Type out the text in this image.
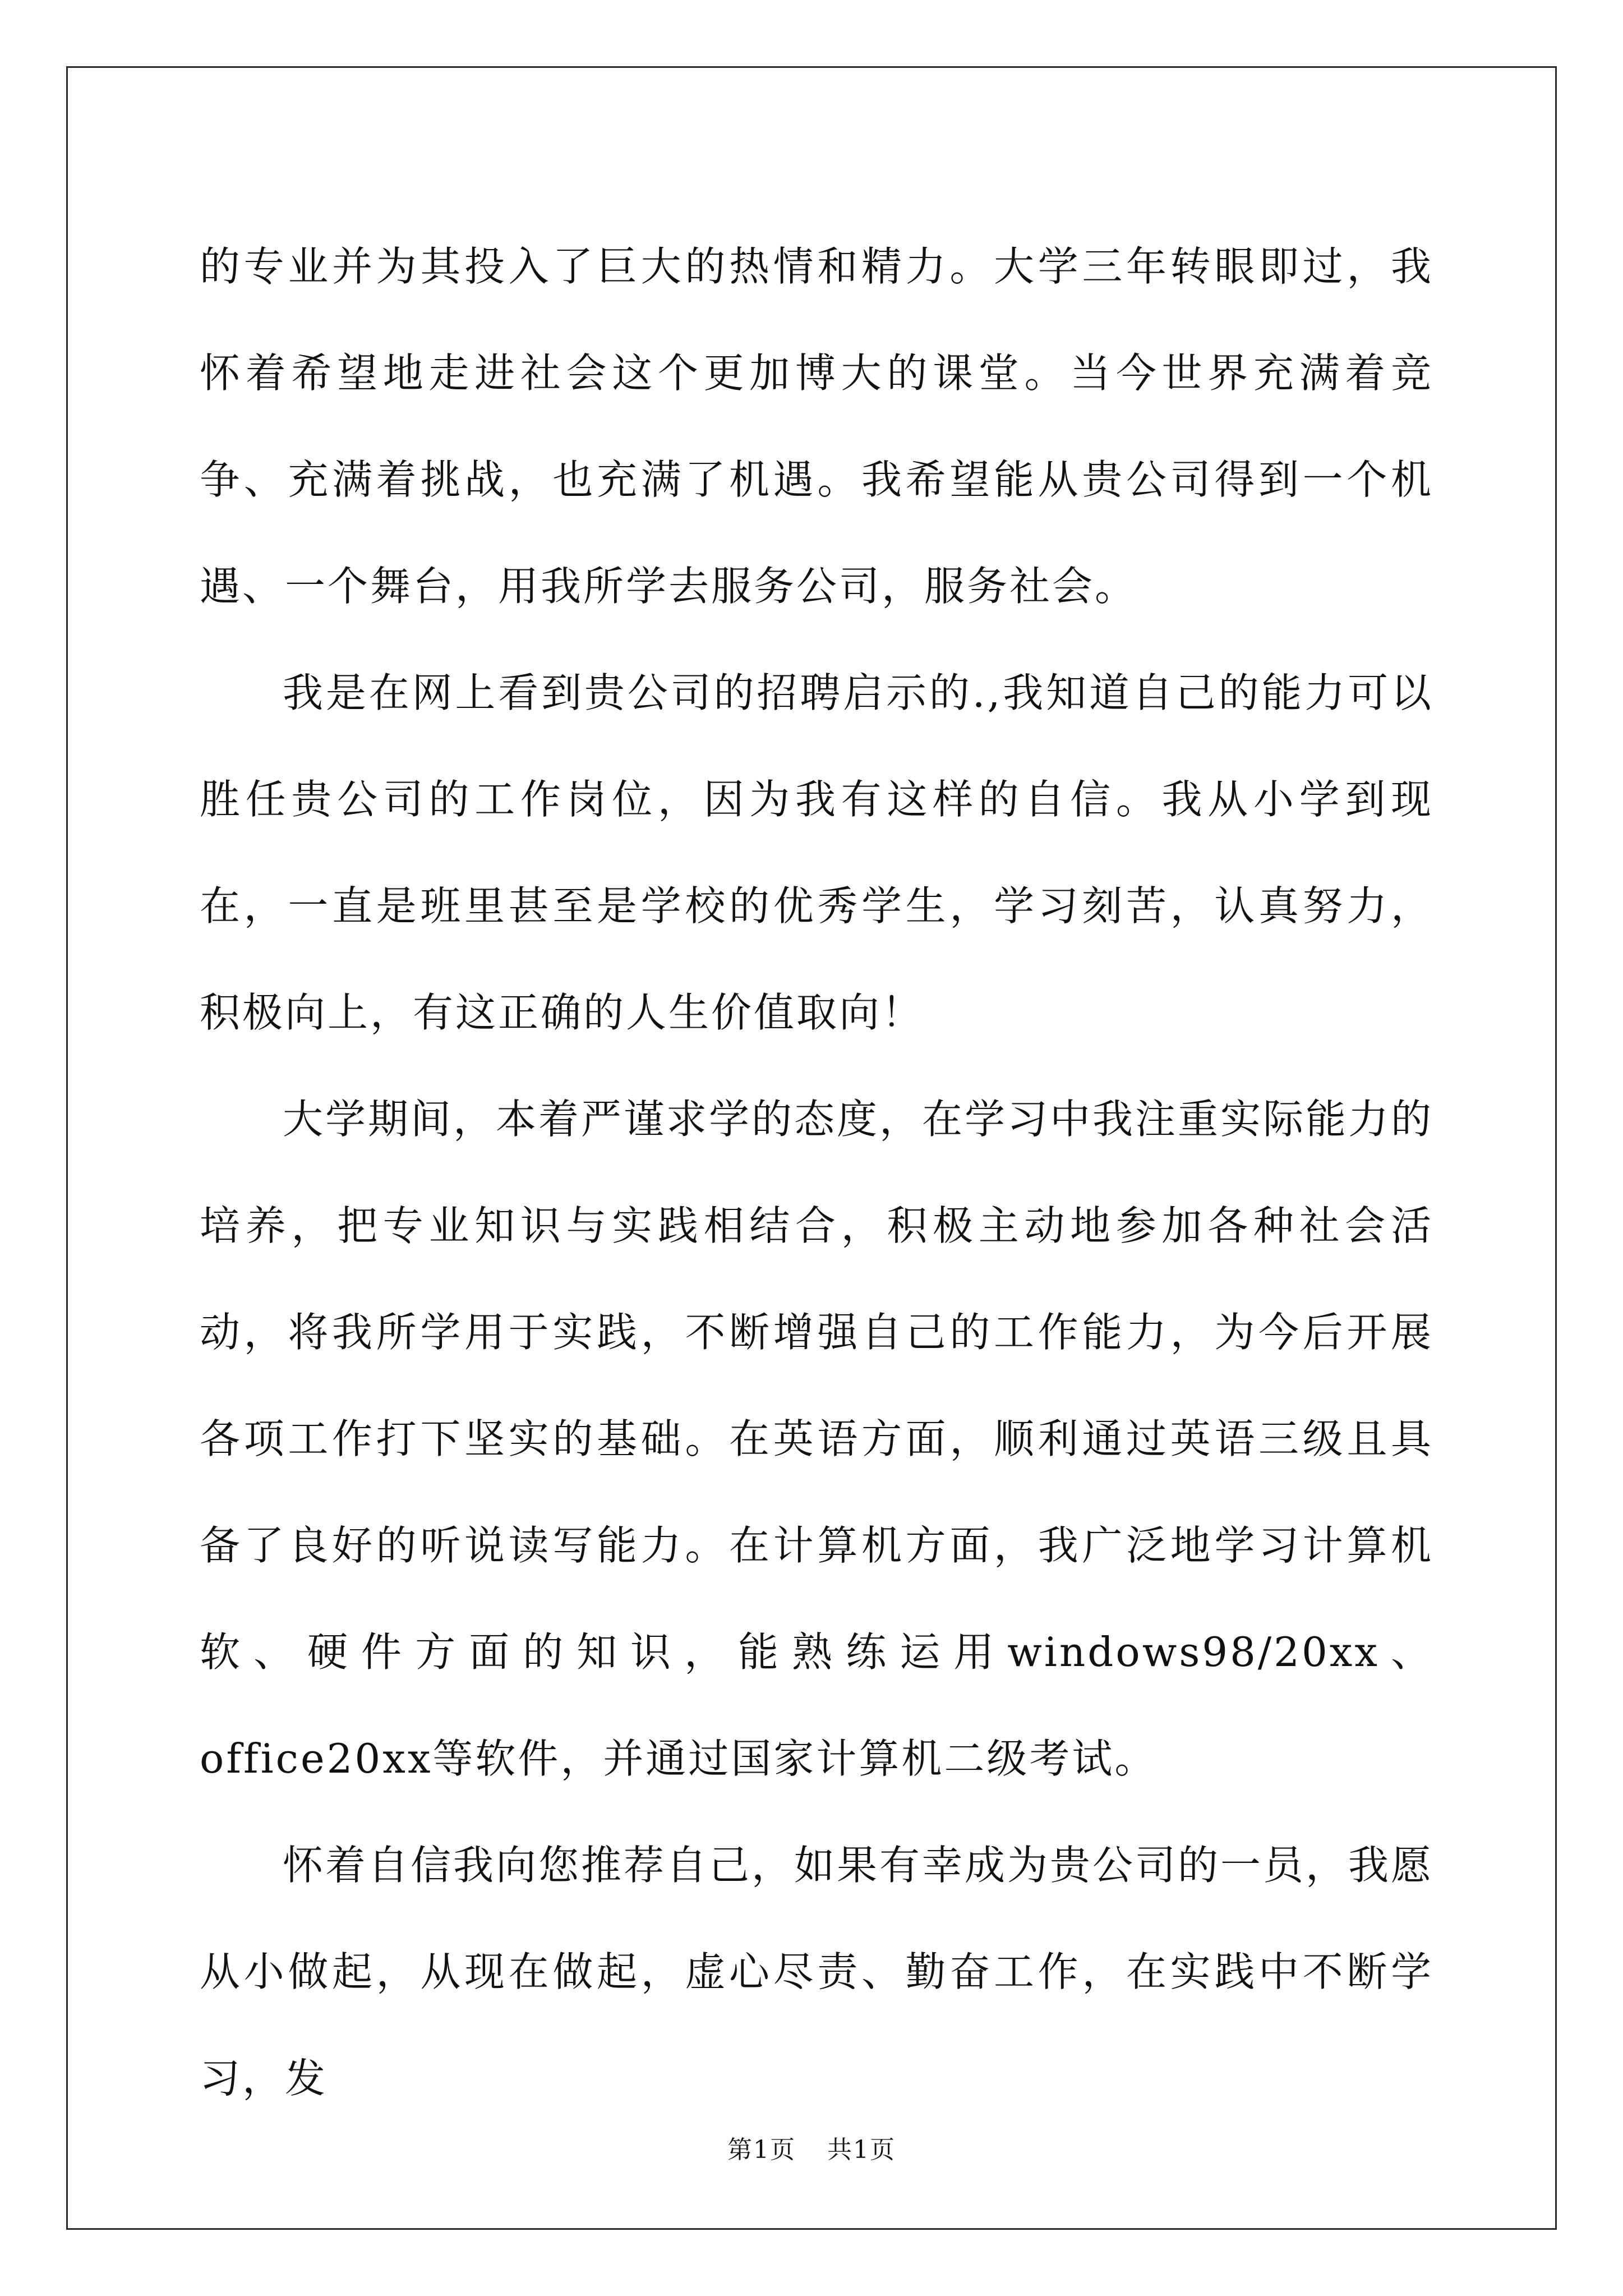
的专业并为其投入了巨大的热情和精力。大学三年转眼即过，我怀着希望地走进社会这个更加博大的课堂。当今世界充满着竞争、充满着挑战，也充满了机遇。我希望能从贵公司得到一个机遇、一个舞台，用我所学去服务公司，服务社会。

我是在网上看到贵公司的招聘启示的.,我知道自己的能力可以胜任贵公司的工作岗位，因为我有这样的自信。我从小学到现在，一直是班里甚至是学校的优秀学生，学习刻苦，认真努力，积极向上，有这正确的人生价值取向！

大学期间，本着严谨求学的态度，在学习中我注重实际能力的培养，把专业知识与实践相结合，积极主动地参加各种社会活动，将我所学用于实践，不断增强自己的工作能力，为今后开展各项工作打下坚实的基础。在英语方面，顺利通过英语三级且具备了良好的听说读写能力。在计算机方面，我广泛地学习计算机软、硬件方面的知识，能熟练运用windows98/20xx、office20xx等软件，并通过国家计算机二级考试。

怀着自信我向您推荐自己，如果有幸成为贵公司的一员，我愿从小做起，从现在做起，虚心尽责、勤奋工作，在实践中不断学习，发

第1页 共1页
